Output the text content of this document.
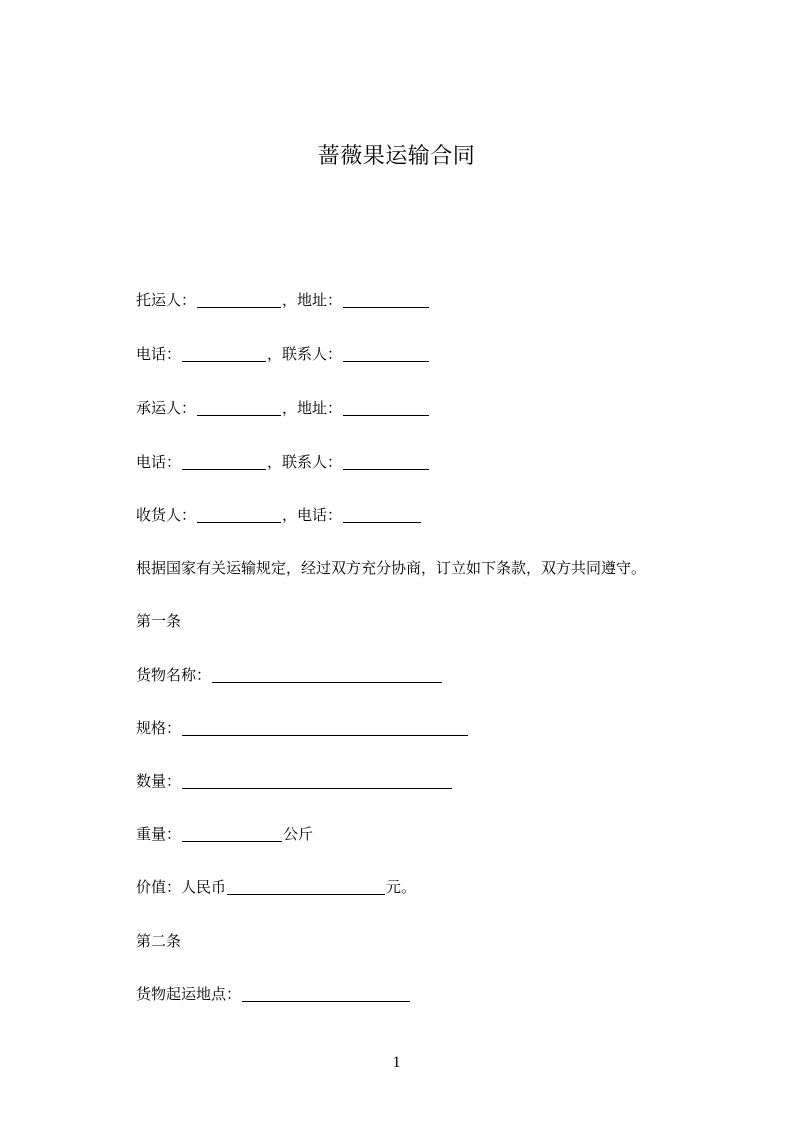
蔷薇果运输合同
托运人：	，地址：
电话：	，联系人：
承运人：	，地址：
电话：	，联系人：
收货人：	，电话：
根据国家有关运输规定，经过双方充分协商，订立如下条款，双方共同遵守。
第一条
货物名称：
规格：
数量：
重量：	公斤
价值：人民币	元。
第二条
货物起运地点：
1
